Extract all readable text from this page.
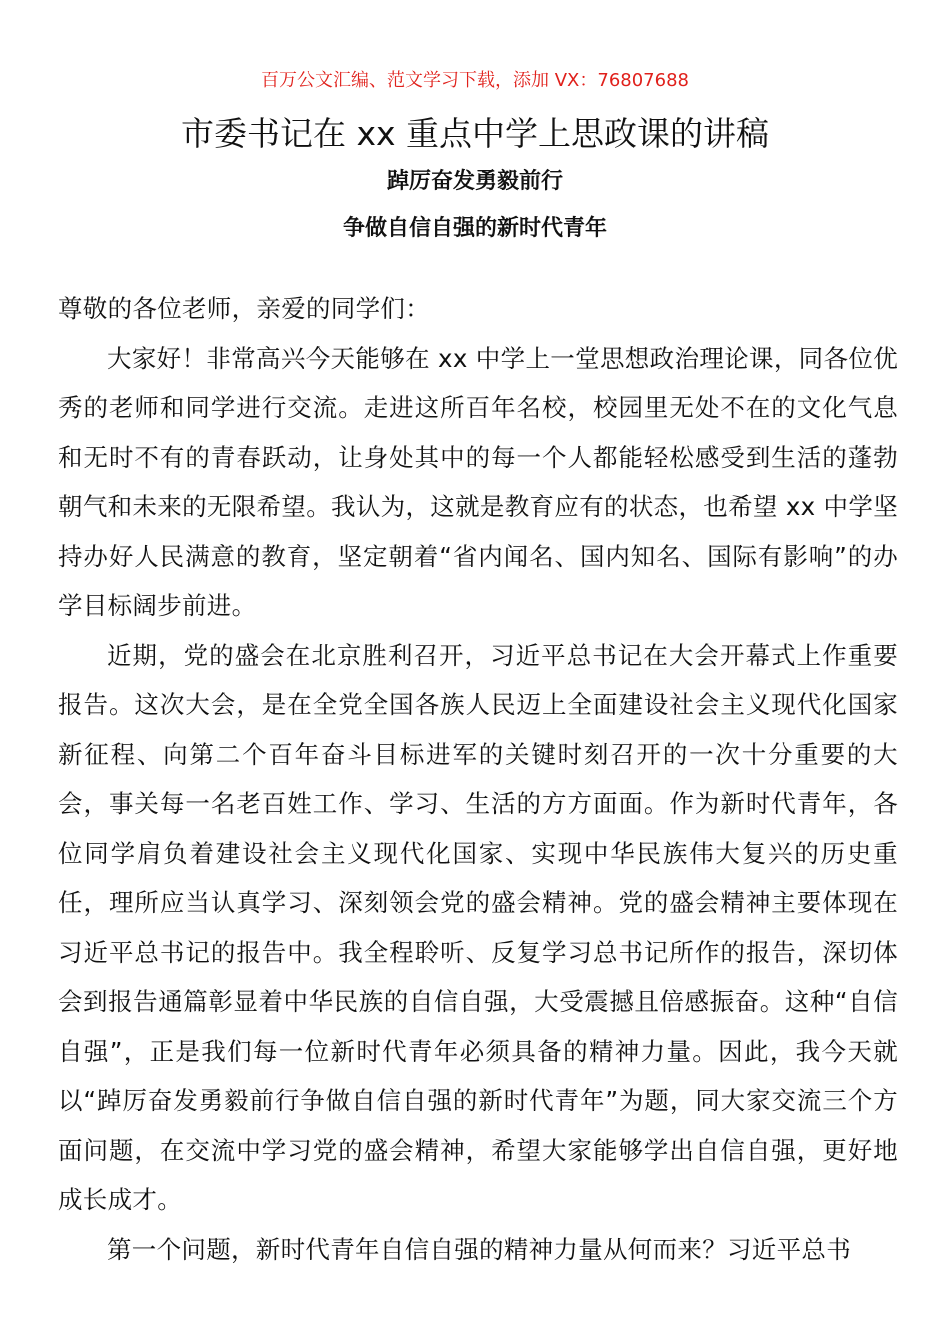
百万公文汇编、范文学习下载，添加 VX：76807688
市委书记在 xx 重点中学上思政课的讲稿
踔厉奋发勇毅前行
争做自信自强的新时代青年

尊敬的各位老师，亲爱的同学们：

大家好！非常高兴今天能够在 xx 中学上一堂思想政治理论课，同各位优秀的老师和同学进行交流。走进这所百年名校，校园里无处不在的文化气息和无时不有的青春跃动，让身处其中的每一个人都能轻松感受到生活的蓬勃朝气和未来的无限希望。我认为，这就是教育应有的状态，也希望 xx 中学坚持办好人民满意的教育，坚定朝着“省内闻名、国内知名、国际有影响”的办学目标阔步前进。

近期，党的盛会在北京胜利召开，习近平总书记在大会开幕式上作重要报告。这次大会，是在全党全国各族人民迈上全面建设社会主义现代化国家新征程、向第二个百年奋斗目标进军的关键时刻召开的一次十分重要的大会，事关每一名老百姓工作、学习、生活的方方面面。作为新时代青年，各位同学肩负着建设社会主义现代化国家、实现中华民族伟大复兴的历史重任，理所应当认真学习、深刻领会党的盛会精神。党的盛会精神主要体现在习近平总书记的报告中。我全程聆听、反复学习总书记所作的报告，深切体会到报告通篇彰显着中华民族的自信自强，大受震撼且倍感振奋。这种“自信自强”，正是我们每一位新时代青年必须具备的精神力量。因此，我今天就以“踔厉奋发勇毅前行争做自信自强的新时代青年”为题，同大家交流三个方面问题，在交流中学习党的盛会精神，希望大家能够学出自信自强，更好地成长成才。

第一个问题，新时代青年自信自强的精神力量从何而来？习近平总书
